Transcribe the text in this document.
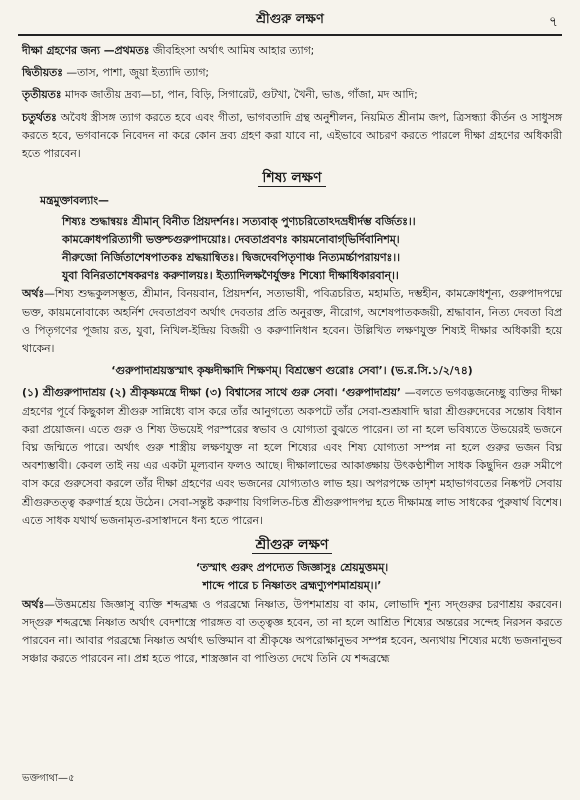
শ্রীগুরু লক্ষণ	৭

দীক্ষা গ্রহণের জন্য —প্রথমতঃ জীবহিংসা অর্থাৎ আমিষ আহার ত্যাগ;

দ্বিতীয়তঃ —তাস, পাশা, জুয়া ইত্যাদি ত্যাগ;

তৃতীয়তঃ মাদক জাতীয় দ্রব্য—চা, পান, বিড়ি, সিগারেট, গুটখা, খৈনী, ভাঙ, গাঁজা, মদ আদি;

চতুর্থতঃ অবৈধ স্ত্রীসঙ্গ ত্যাগ করতে হবে এবং গীতা, ভাগবতাদি গ্রন্থ অনুশীলন, নিয়মিত শ্রীনাম জপ, ত্রিসন্ধ্যা কীর্তন ও সাধুসঙ্গ করতে হবে, ভগবানকে নিবেদন না করে কোন দ্রব্য গ্রহণ করা যাবে না, এইভাবে আচরণ করতে পারলে দীক্ষা গ্রহণের অধিকারী হতে পারবেন।

শিষ্য লক্ষণ
মন্ত্রমুক্তাবল্যাং—
শিষ্যঃ শুদ্ধান্বয়ঃ শ্রীমান্‌ বিনীত প্রিয়দর্শনঃ। সত্যবাক্‌ পুণ্যচরিতোঽদভ্রধীর্দম্ভ বর্জিতঃ।।
কামক্রোধপরিত্যাগী ভক্তশ্চগুরুপাদয়োঃ। দেবতাপ্রবণঃ কায়মনোবাগ্‌ভির্দিবানিশম্‌।
নীরুজো নির্জিতাশেষপাতকঃ শ্রদ্ধয়ান্বিতঃ। দ্বিজদেবপিতৃণাঞ্চ নিত্যমর্চ্চাপরায়ণঃ।।
যুবা বিনিরতাশেষকরণঃ করুণালয়ঃ। ইত্যাদিলক্ষণৈর্যুক্তঃ শিষ্যো দীক্ষাধিকারবান্‌।।

অর্থঃ—শিষ্য শুদ্ধকুলসম্ভূত, শ্রীমান, বিনয়বান, প্রিয়দর্শন, সত্যভাষী, পবিত্রচরিত, মহামতি, দম্ভহীন, কামক্রোধশূন্য, গুরুপাদপদ্মে ভক্ত, কায়মনোবাক্যে অহর্নিশ দেবতাপ্রবণ অর্থাৎ দেবতার প্রতি অনুরক্ত, নীরোগ, অশেষপাতকজয়ী, শ্রদ্ধাবান, নিত্য দেবতা বিপ্র ও পিতৃগণের পূজায় রত, যুবা, নিখিল-ইন্দ্রিয় বিজয়ী ও করুণানিধান হবেন। উল্লিখিত লক্ষণযুক্ত শিষ্যই দীক্ষার অধিকারী হয়ে থাকেন।

‘গুরুপাদাশ্রয়স্তস্মাৎ কৃষ্ণদীক্ষাদি শিক্ষণম্‌। বিশ্রম্ভেণ গুরোঃ সেবা’। (ভ.র.সি.১/২/৭৪)

(১) শ্রীগুরুপাদাশ্রয় (২) শ্রীকৃষ্ণমন্ত্রে দীক্ষা (৩) বিশ্বাসের সাথে গুরু সেবা। ‘গুরুপাদাশ্রয়’ —বলতে ভগবদ্ভজনেচ্ছু ব্যক্তির দীক্ষা গ্রহণের পূর্বে কিছুকাল শ্রীগুরু সান্নিধ্যে বাস করে তাঁর আনুগত্যে অকপটে তাঁর সেবা-শুশ্রূষাদি দ্বারা শ্রীগুরুদেবের সন্তোষ বিধান করা প্রয়োজন। এতে গুরু ও শিষ্য উভয়েই পরস্পরের স্বভাব ও যোগ্যতা বুঝতে পারেন। তা না হলে ভবিষ্যতে উভয়েরই ভজনে বিঘ্ন জন্মিতে পারে। অর্থাৎ গুরু শাস্ত্রীয় লক্ষণযুক্ত না হলে শিষ্যের এবং শিষ্য যোগ্যতা সম্পন্ন না হলে গুরুর ভজন বিঘ্ন অবশ্যম্ভাবী। কেবল তাই নয় এর একটা মূল্যবান ফলও আছে। দীক্ষালাভের আকাঙ্ক্ষায় উৎকণ্ঠাশীল সাধক কিছুদিন গুরু সমীপে বাস করে গুরুসেবা করলে তাঁর দীক্ষা গ্রহণের এবং ভজনের যোগ্যতাও লাভ হয়। অপরপক্ষে তাদৃশ মহাভাগবতের নিষ্কপট সেবায় শ্রীগুরুতত্ত্ব করুণার্দ্র হয়ে উঠেন। সেবা-সন্তুষ্ট করুণায় বিগলিত-চিত্ত শ্রীগুরুপাদপদ্ম হতে দীক্ষামন্ত্র লাভ সাধকের পুরুষার্থ বিশেষ। এতে সাধক যথার্থ ভজনামৃত-রসাস্বাদনে ধন্য হতে পারেন।

শ্রীগুরু লক্ষণ
‘তস্মাৎ গুরুং প্রপদ্যেত জিজ্ঞাসুঃ শ্রেয়মুত্তমম্‌।
শাব্দে পারে চ নিষ্ণাতং ব্রহ্মণ্যুপশমাশ্রয়ম্‌।।’

অর্থঃ—উত্তমশ্রেয় জিজ্ঞাসু ব্যক্তি শব্দব্রহ্ম ও পরব্রহ্মে নিষ্ণাত, উপশমাশ্রয় বা কাম, লোভাদি শূন্য সদ্গুরুর চরণাশ্রয় করবেন। সদ্গুরু শব্দব্রহ্মে নিষ্ণাত অর্থাৎ বেদশাস্ত্রে পারঙ্গত বা তত্ত্বজ্ঞ হবেন, তা না হলে আশ্রিত শিষ্যের অন্তরের সন্দেহ নিরসন করতে পারবেন না। আবার পরব্রহ্মে নিষ্ণাত অর্থাৎ ভক্তিমান বা শ্রীকৃষ্ণে অপরোক্ষানুভব সম্পন্ন হবেন, অন্যথায় শিষ্যের মধ্যে ভজনানুভব সঞ্চার করতে পারবেন না। প্রশ্ন হতে পারে, শাস্ত্রজ্ঞান বা পাণ্ডিত্য দেখে তিনি যে শব্দব্রহ্মে

ভক্তগাথা—৫
